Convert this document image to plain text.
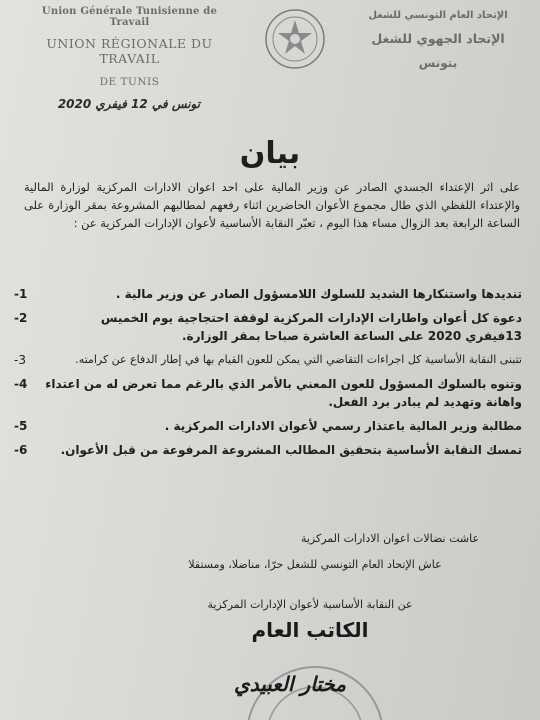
Union Générale Tunisienne de Travail
UNION RÉGIONALE DU TRAVAIL
DE TUNIS
الإتحاد العام التونسي للشغل
الإتحاد الجهوي للشغل
بتونس
تونس في 12 فيفري 2020
بيان
على اثر الإعتداء الجسدي الصادر عن وزير المالية على احد اعوان الادارات المركزية لوزارة المالية والإعتداء اللفظي الذي طال مجموع الأعوان الحاضرين اثناء رفعهم لمطالبهم المشروعة بمقر الوزارة على الساعة الرابعة بعد الزوال مساء هذا اليوم ، تعبّر النقابة الأساسية لأعوان الإدارات المركزية عن :
-1	تنديدها واستنكارها الشديد للسلوك اللامسؤول الصادر عن وزير مالية .
-2	دعوة كل أعوان واطارات الإدارات المركزية لوقفة احتجاجية يوم الخميس 13فيفري 2020 على الساعة العاشرة صباحا بمقر الوزارة.
-3	تتبنى النقابة الأساسية كل اجراءات التقاضي التي يمكن للعون القيام بها في إطار الدفاع عن كرامته.
-4	وتنوه بالسلوك المسؤول للعون المعني بالأمر الذي بالرغم مما تعرض له من اعتداء واهانة وتهديد لم يبادر برد الفعل.
-5	مطالبة وزير المالية باعتذار رسمي لأعوان الادارات المركزية .
-6	تمسك النقابة الأساسية بتحقيق المطالب المشروعة المرفوعة من قبل الأعوان.
عاشت نضالات اعوان الادارات المركزية
عاش الإتحاد العام التونسي للشغل حرّا، مناضلا، ومستقلا
عن النقابة الأساسية لأعوان الإدارات المركزية
الكاتب العام
مختار العبيدي
